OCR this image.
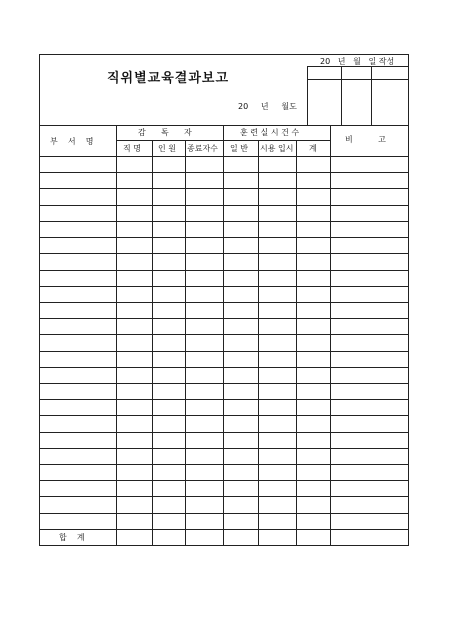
직위별교육결과보고
20   년   월   일 작성
20     년     월도
부    서    명
감      독      자
직 명 인 원 종료자수
훈 련 실 시 건 수
일 반 시용 입시 계
비          고
합    계
